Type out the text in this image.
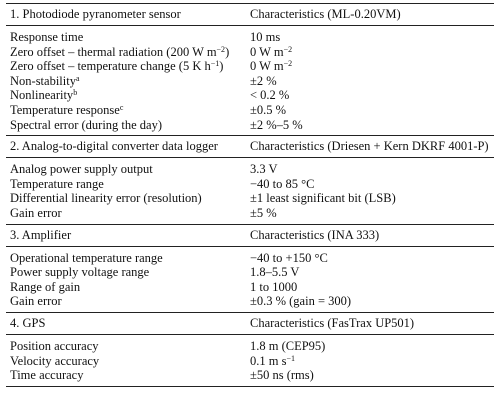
1. Photodiode pyranometer sensor	Characteristics (ML-0.20VM)
Response time	10 ms
Zero offset – thermal radiation (200 W $m^{-2}$)	0 W $m^{-2}$
Zero offset – temperature change (5 K $h^{-1}$)	0 W $m^{-2}$
Non-stability$^a$	±2 %
Nonlinearity$^b$	< 0.2 %
Temperature response$^c$	±0.5 %
Spectral error (during the day)	±2 %–5 %
2. Analog-to-digital converter data logger	Characteristics (Driesen + Kern DKRF 4001-P)
Analog power supply output	3.3 V
Temperature range	−40 to 85 °C
Differential linearity error (resolution)	±1 least significant bit (LSB)
Gain error	±5 %
3. Amplifier	Characteristics (INA 333)
Operational temperature range	−40 to +150 °C
Power supply voltage range	1.8–5.5 V
Range of gain	1 to 1000
Gain error	±0.3 % (gain = 300)
4. GPS	Characteristics (FasTrax UP501)
Position accuracy	1.8 m (CEP95)
Velocity accuracy	0.1 m $s^{-1}$
Time accuracy	±50 ns (rms)
